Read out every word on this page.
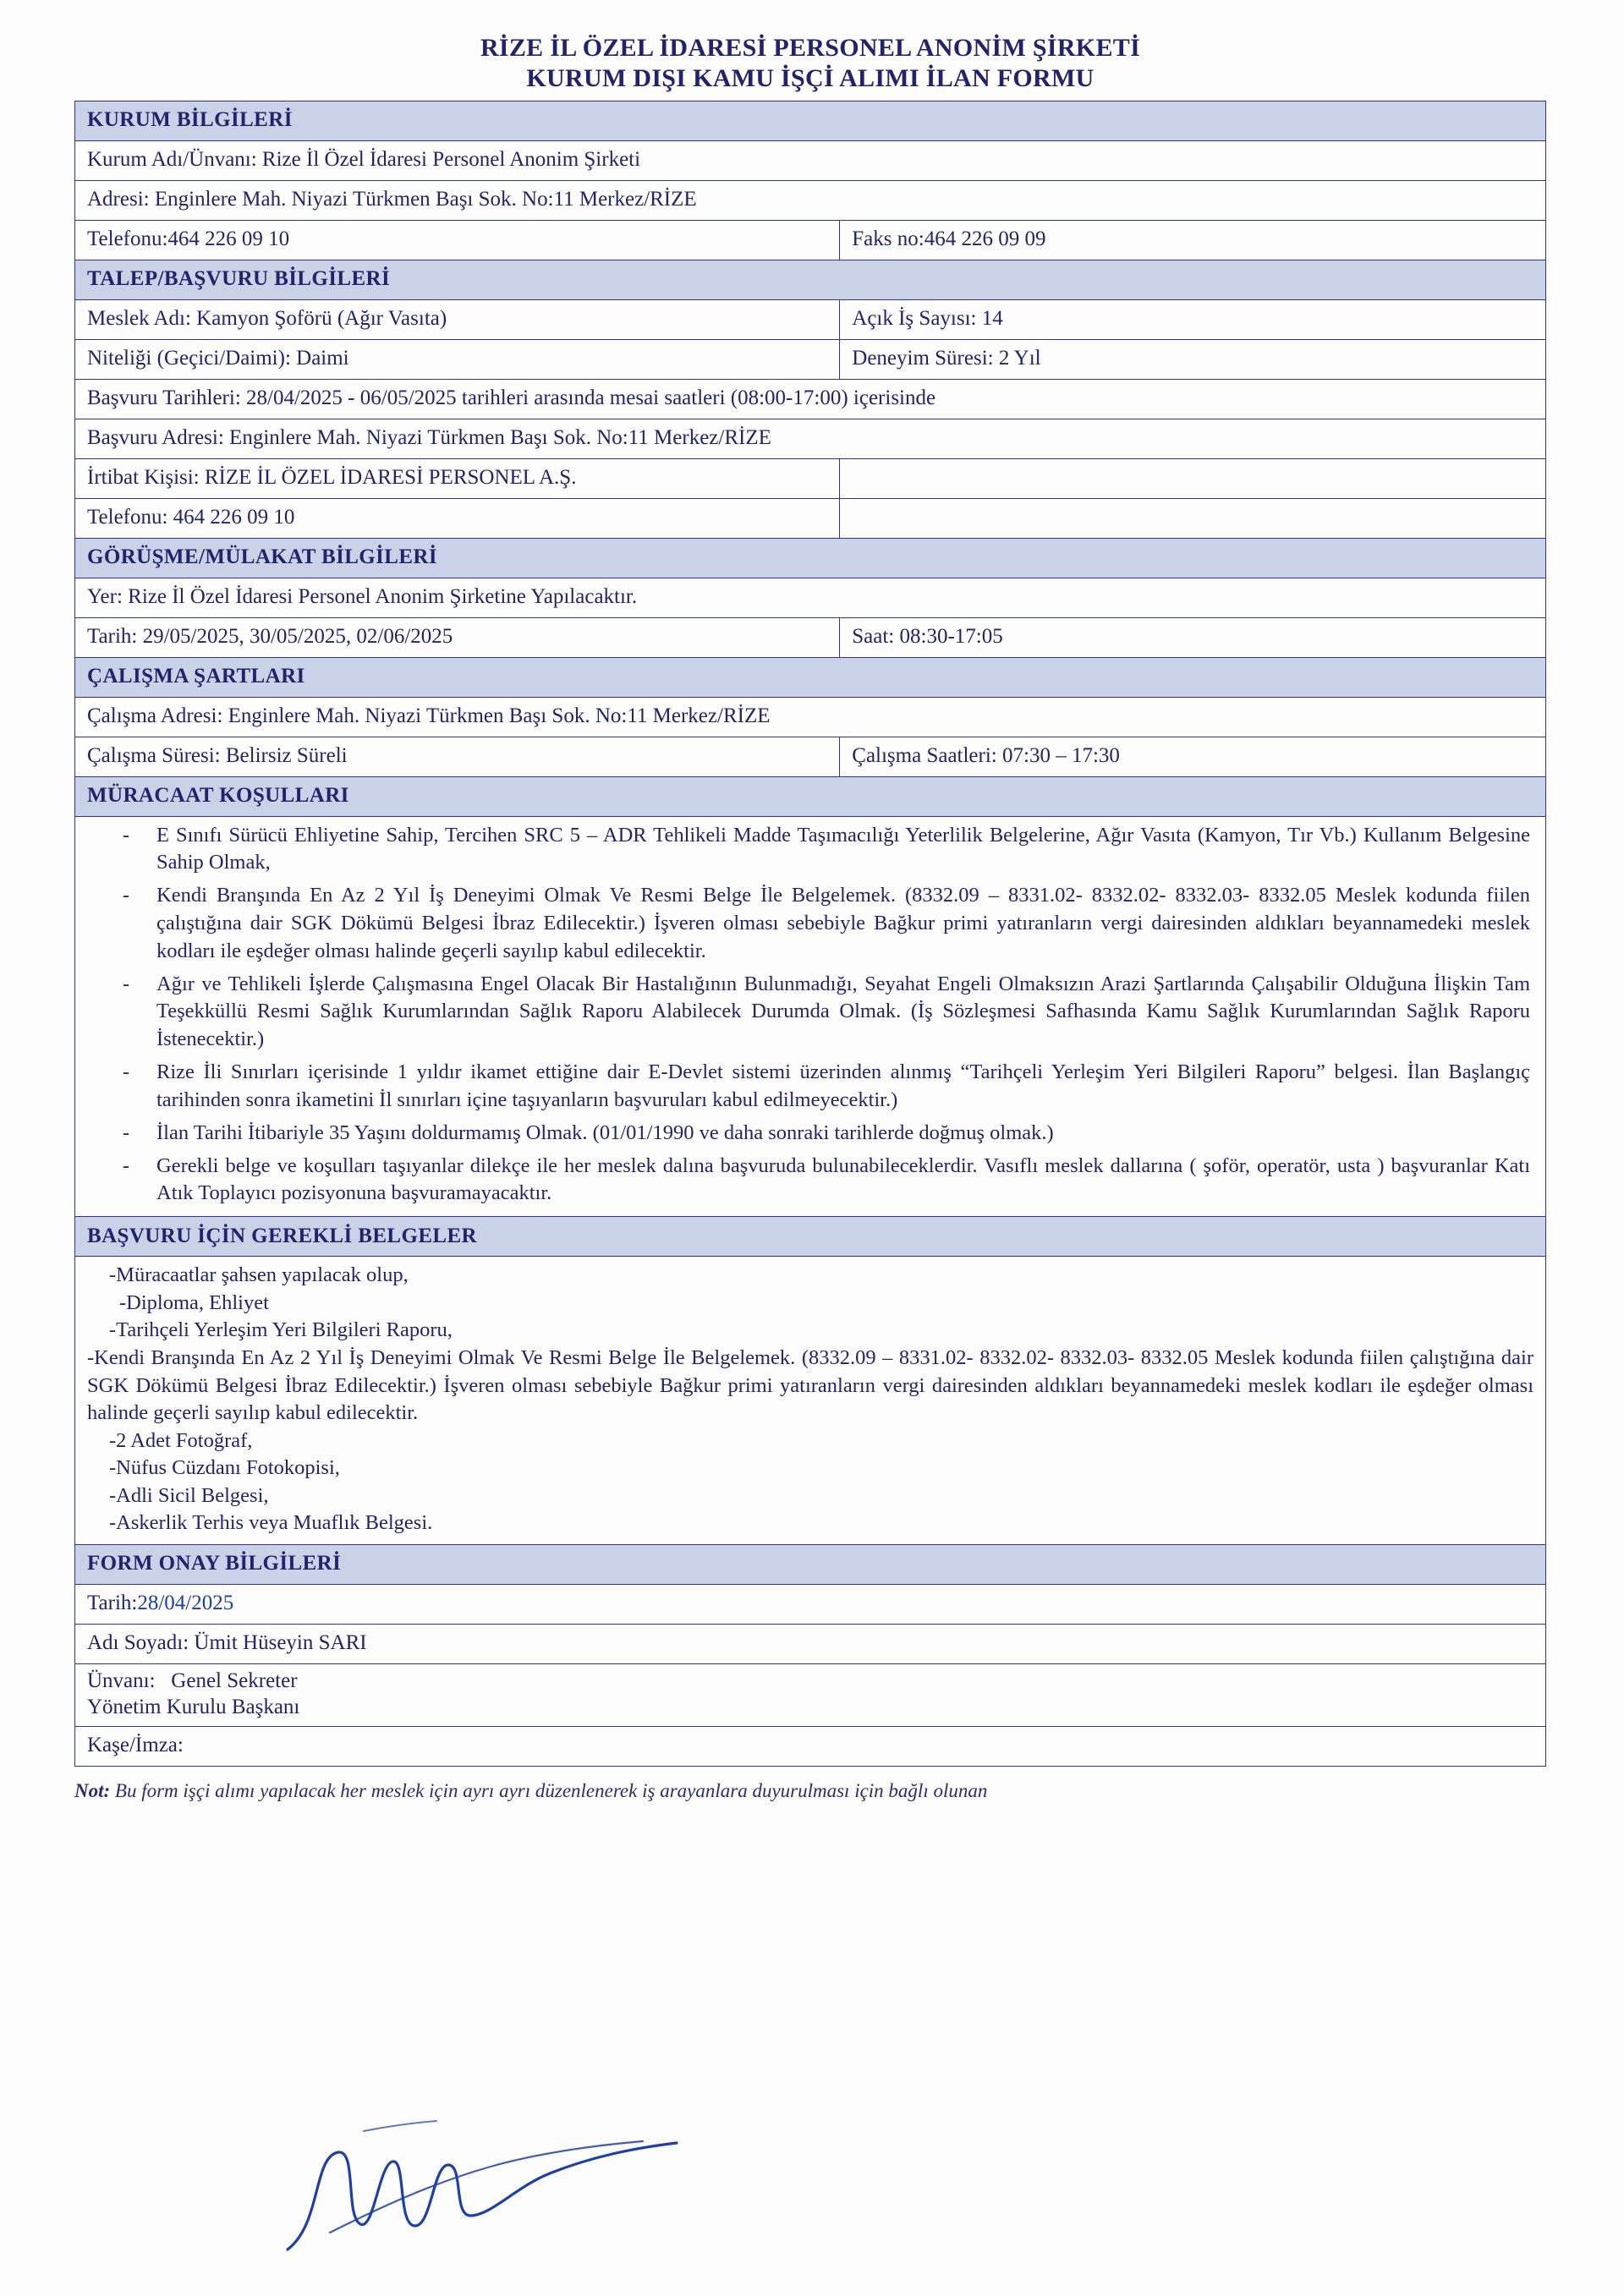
RİZE İL ÖZEL İDARESİ PERSONEL ANONİM ŞİRKETİ
KURUM DIŞI KAMU İŞÇİ ALIMI İLAN FORMU
KURUM BİLGİLERİ	
Kurum Adı/Ünvanı: Rize İl Özel İdaresi Personel Anonim Şirketi	
Adresi: Enginlere Mah. Niyazi Türkmen Başı Sok. No:11 Merkez/RİZE	
Telefonu:464 226 09 10	Faks no:464 226 09 09
TALEP/BAŞVURU BİLGİLERİ	
Meslek Adı: Kamyon Şoförü (Ağır Vasıta)	Açık İş Sayısı: 14
Niteliği (Geçici/Daimi): Daimi	Deneyim Süresi: 2 Yıl
Başvuru Tarihleri: 28/04/2025 - 06/05/2025 tarihleri arasında mesai saatleri (08:00-17:00) içerisinde	
Başvuru Adresi: Enginlere Mah. Niyazi Türkmen Başı Sok. No:11 Merkez/RİZE	
İrtibat Kişisi: RİZE İL ÖZEL İDARESİ PERSONEL A.Ş.	
Telefonu: 464 226 09 10	
GÖRÜŞME/MÜLAKAT BİLGİLERİ	
Yer: Rize İl Özel İdaresi Personel Anonim Şirketine Yapılacaktır.	
Tarih: 29/05/2025, 30/05/2025, 02/06/2025	Saat: 08:30-17:05
ÇALIŞMA ŞARTLARI	
Çalışma Adresi: Enginlere Mah. Niyazi Türkmen Başı Sok. No:11 Merkez/RİZE	
Çalışma Süresi: Belirsiz Süreli	Çalışma Saatleri: 07:30 – 17:30
MÜRACAAT KOŞULLARI	

- E Sınıfı Sürücü Ehliyetine Sahip, Tercihen SRC 5 – ADR Tehlikeli Madde Taşımacılığı Yeterlilik Belgelerine, Ağır Vasıta (Kamyon, Tır Vb.) Kullanım Belgesine Sahip Olmak,
- Kendi Branşında En Az 2 Yıl İş Deneyimi Olmak Ve Resmi Belge İle Belgelemek. (8332.09 – 8331.02- 8332.02- 8332.03- 8332.05 Meslek kodunda fiilen çalıştığına dair SGK Dökümü Belgesi İbraz Edilecektir.) İşveren olması sebebiyle Bağkur primi yatıranların vergi dairesinden aldıkları beyannamedeki meslek kodları ile eşdeğer olması halinde geçerli sayılıp kabul edilecektir.
- Ağır ve Tehlikeli İşlerde Çalışmasına Engel Olacak Bir Hastalığının Bulunmadığı, Seyahat Engeli Olmaksızın Arazi Şartlarında Çalışabilir Olduğuna İlişkin Tam Teşekküllü Resmi Sağlık Kurumlarından Sağlık Raporu Alabilecek Durumda Olmak. (İş Sözleşmesi Safhasında Kamu Sağlık Kurumlarından Sağlık Raporu İstenecektir.)
- Rize İli Sınırları içerisinde 1 yıldır ikamet ettiğine dair E-Devlet sistemi üzerinden alınmış “Tarihçeli Yerleşim Yeri Bilgileri Raporu” belgesi. İlan Başlangıç tarihinden sonra ikametini İl sınırları içine taşıyanların başvuruları kabul edilmeyecektir.)
- İlan Tarihi İtibariyle 35 Yaşını doldurmamış Olmak. (01/01/1990 ve daha sonraki tarihlerde doğmuş olmak.)
- Gerekli belge ve koşulları taşıyanlar dilekçe ile her meslek dalına başvuruda bulunabileceklerdir. Vasıflı meslek dallarına ( şoför, operatör, usta ) başvuranlar Katı Atık Toplayıcı pozisyonuna başvuramayacaktır.

BAŞVURU İÇİN GEREKLİ BELGELER	

-Müracaatlar şahsen yapılacak olup,
-Diploma, Ehliyet
-Tarihçeli Yerleşim Yeri Bilgileri Raporu,
-Kendi Branşında En Az 2 Yıl İş Deneyimi Olmak Ve Resmi Belge İle Belgelemek. (8332.09 – 8331.02- 8332.02- 8332.03- 8332.05 Meslek kodunda fiilen çalıştığına dair SGK Dökümü Belgesi İbraz Edilecektir.) İşveren olması sebebiyle Bağkur primi yatıranların vergi dairesinden aldıkları beyannamedeki meslek kodları ile eşdeğer olması halinde geçerli sayılıp kabul edilecektir.
-2 Adet Fotoğraf,
-Nüfus Cüzdanı Fotokopisi,
-Adli Sicil Belgesi,
-Askerlik Terhis veya Muaflık Belgesi.

FORM ONAY BİLGİLERİ	
Tarih:28/04/2025	
Adı Soyadı: Ümit Hüseyin SARI	

Ünvanı: Genel Sekreter
Yönetim Kurulu Başkanı	

Kaşe/İmza:	
Not: Bu form işçi alımı yapılacak her meslek için ayrı ayrı düzenlenerek iş arayanlara duyurulması için bağlı olunan
